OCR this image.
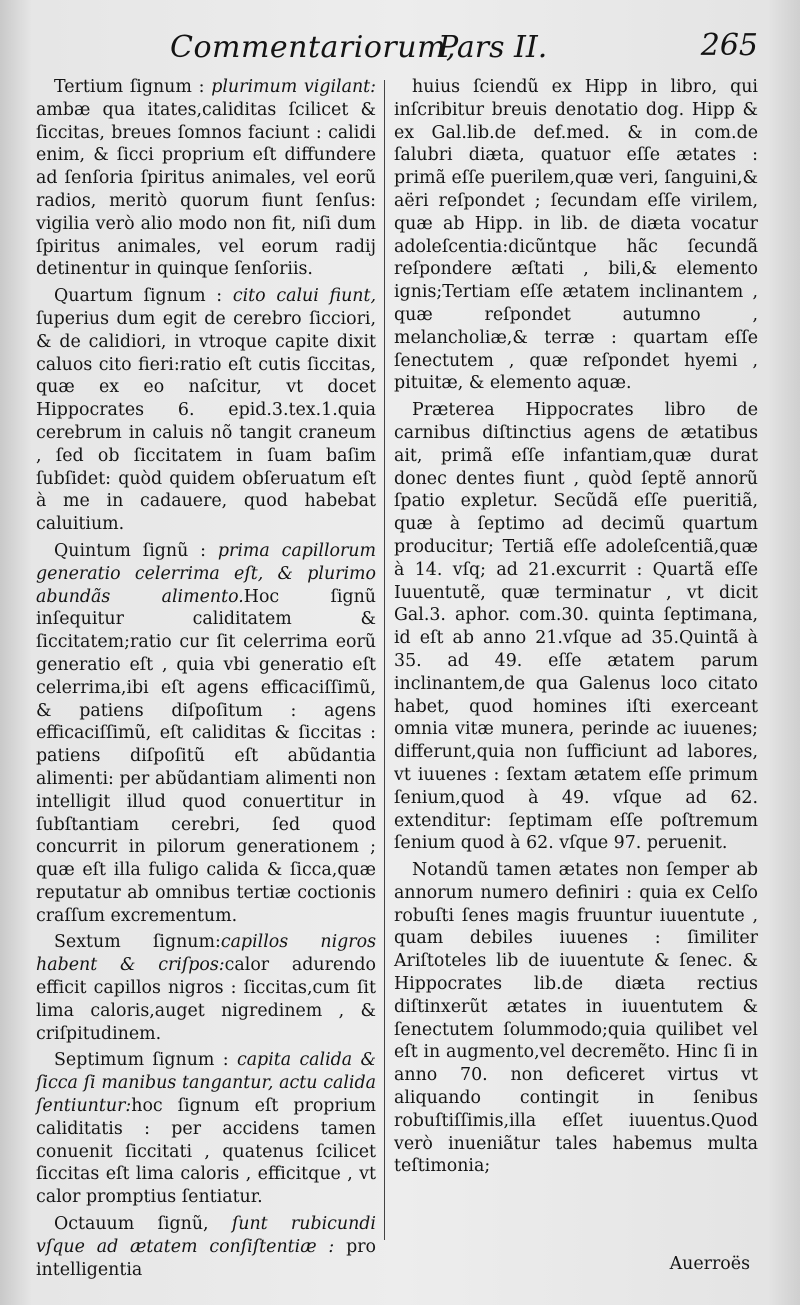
Commentariorum,
Pars II.	265

Tertium ſignum : plurimum vigilant: ambæ qua itates,caliditas ſcilicet & ſiccitas, breues ſomnos faciunt : calidi enim, & ſicci proprium eſt diffundere ad ſenſoria ſpiritus animales, vel eorũ radios, meritò quorum fiunt ſenſus: vigilia verò alio modo non fit, niſi dum ſpiritus animales, vel eorum radij detinentur in quinque ſenſoriis.

Quartum ſignum : cito calui fiunt, ſuperius dum egit de cerebro ſicciori, & de calidiori, in vtroque capite dixit caluos cito fieri:ratio eſt cutis ſiccitas, quæ ex eo naſcitur, vt docet Hippocrates 6. epid.3.tex.1.quia cerebrum in caluis nõ tangit craneum , ſed ob ſiccitatem in ſuam baſim ſubſidet: quòd quidem obſeruatum eſt à me in cadauere, quod habebat caluitium.

Quintum ſignũ : prima capillorum generatio celerrima eſt, & plurimo abundãs alimento.Hoc ſignũ inſequitur caliditatem & ſiccitatem;ratio cur ſit celerrima eorũ generatio eſt , quia vbi generatio eſt celerrima,ibi eſt agens efficaciſſimũ, & patiens diſpoſitum : agens efficaciſſimũ, eſt caliditas & ſiccitas : patiens diſpoſitũ eſt abũdantia alimenti: per abũdantiam alimenti non intelligit illud quod conuertitur in ſubſtantiam cerebri, ſed quod concurrit in pilorum generationem ; quæ eſt illa fuligo calida & ſicca,quæ reputatur ab omnibus tertiæ coctionis craſſum excrementum.

Sextum ſignum:capillos nigros habent & criſpos:calor adurendo efficit capillos nigros : ſiccitas,cum ſit lima caloris,auget nigredinem , & criſpitudinem.

Septimum ſignum : capita calida & ſicca ſi manibus tangantur, actu calida ſentiuntur:hoc ſignum eſt proprium caliditatis : per accidens tamen conuenit ſiccitati , quatenus ſcilicet ſiccitas eſt lima caloris , efficitque , vt calor promptius ſentiatur.

Octauum ſignũ, ſunt rubicundi vſque ad ætatem conſiſtentiæ : pro intelligentia

huius ſciendũ ex Hipp in libro, qui inſcribitur breuis denotatio dog. Hipp & ex Gal.lib.de def.med. & in com.de ſalubri diæta, quatuor eſſe ætates : primã eſſe puerilem,quæ veri, ſanguini,& aëri reſpondet ; ſecundam eſſe virilem, quæ ab Hipp. in lib. de diæta vocatur adoleſcentia:dicũntque hãc ſecundã reſpondere æſtati , bili,& elemento ignis;Tertiam eſſe ætatem inclinantem , quæ reſpondet autumno , melancholiæ,& terræ : quartam eſſe ſenectutem , quæ reſpondet hyemi , pituitæ, & elemento aquæ.

Præterea Hippocrates libro de carnibus diſtinctius agens de ætatibus ait, primã eſſe infantiam,quæ durat donec dentes fiunt , quòd ſeptẽ annorũ ſpatio expletur. Secũdã eſſe pueritiã, quæ à ſeptimo ad decimũ quartum producitur; Tertiã eſſe adoleſcentiã,quæ à 14. vſq; ad 21.excurrit : Quartã eſſe Iuuentutẽ, quæ terminatur , vt dicit Gal.3. aphor. com.30. quinta ſeptimana, id eſt ab anno 21.vſque ad 35.Quintã à 35. ad 49. eſſe ætatem parum inclinantem,de qua Galenus loco citato habet, quod homines iſti exerceant omnia vitæ munera, perinde ac iuuenes; differunt,quia non ſufficiunt ad labores, vt iuuenes : ſextam ætatem eſſe primum ſenium,quod à 49. vſque ad 62. extenditur: ſeptimam eſſe poſtremum ſenium quod à 62. vſque 97. peruenit.

Notandũ tamen ætates non ſemper ab annorum numero definiri : quia ex Celſo robuſti ſenes magis fruuntur iuuentute , quam debiles iuuenes : ſimiliter Ariſtoteles lib de iuuentute & ſenec. & Hippocrates lib.de diæta rectius diſtinxerũt ætates in iuuentutem & ſenectutem ſolummodo;quia quilibet vel eſt in augmento,vel decremẽto. Hinc ſi in anno 70. non deficeret virtus vt aliquando contingit in ſenibus robuſtiſſimis,illa eſſet iuuentus.Quod verò inueniãtur tales habemus multa teſtimonia;

Auerroës
